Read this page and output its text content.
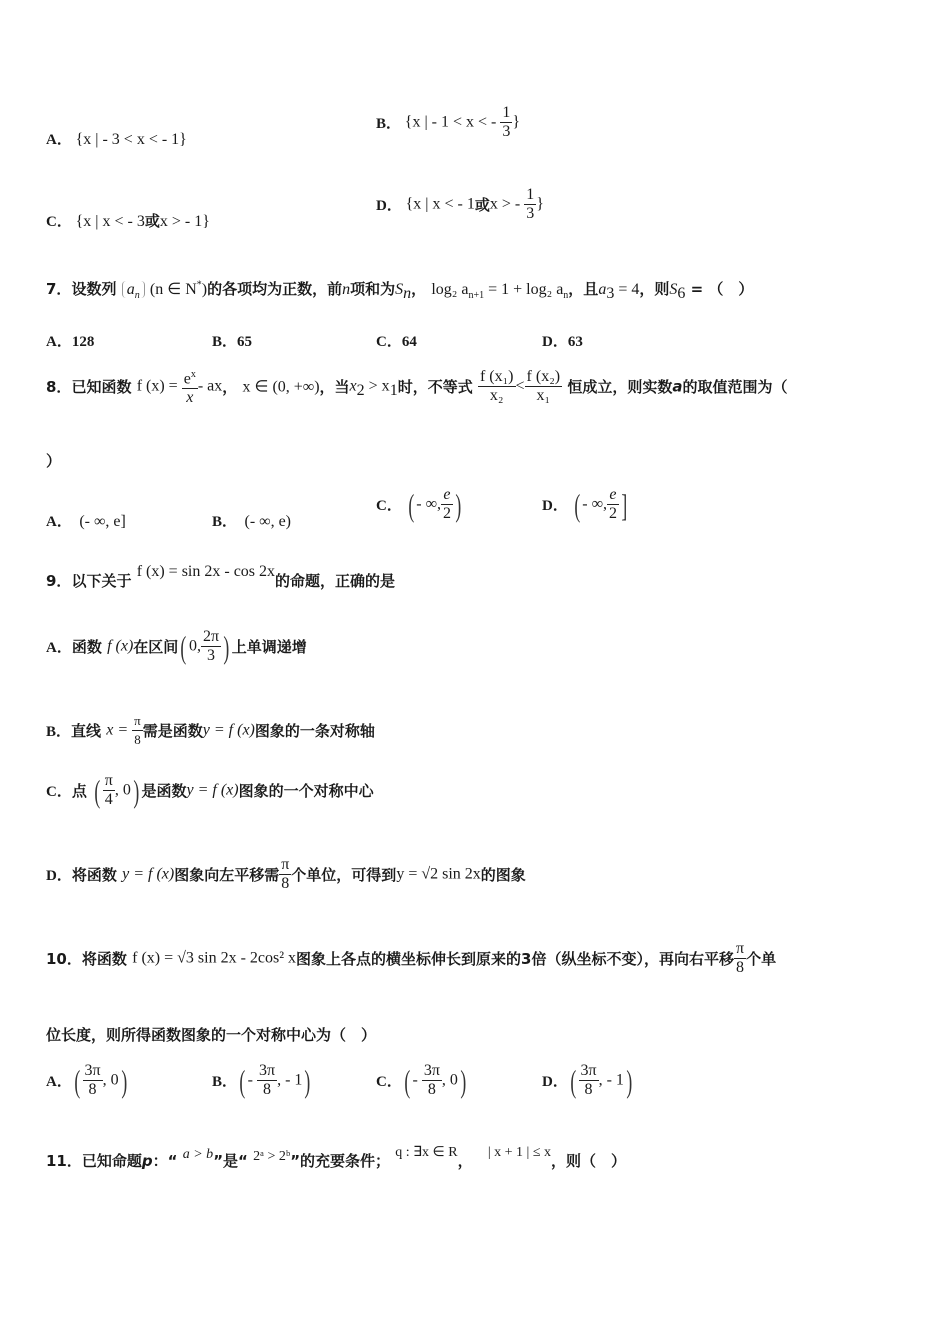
A． {x | - 3 < x < - 1}
B． {x | - 1 < x < - $\frac{1}{3}$ }
C． {x | x < - 3或x > - 1}
D． {x | x < - 1或x > - $\frac{1}{3}$ }
7．设数列 $a_n$ (n ∈ N*)的各项均为正数，前n项和为$S_n$， log₂ $a_{n+1} = 1 + \log_2$ $a_n$，且$a_3 = 4$，则$S_6$ = （　）
A．128	B．65	C．64	D．63
8．已知函数 f $(x) = \frac{e^x}{x}$ - ax， x ∈ (0, +∞)，当$x_2 > x_1$时，不等式 $\frac{\text{f (x₁)}}{\text{x₂}} < \frac{\text{f (x₂)}}{\text{x₁}}$ 恒成立，则实数a的取值范围为（
）
A． (- ∞, e]	B． (- ∞, e)
C． ( - ∞, $\frac{e}{2}$ )	D． ( - ∞, $\frac{e}{2}$ ]
9．以下关于 f (x) = sin 2x - cos 2x的命题，正确的是
A．函数 f (x)在区间( 0, $\frac{2\pi}{3}$ ) 上单调递增
B．直线 $x = \frac{\pi}{8}$ 需是函数y = f (x)图象的一条对称轴
C．点 ( $\frac{\pi}{4}$ , 0) 是函数y = f (x)图象的一个对称中心
D．将函数 y = f (x)图象向左平移需 $\frac{\pi}{8}$ 个单位，可得到y = √2 sin 2x的图象
10．将函数 f (x) = √3 sin 2x - 2cos² x图象上各点的横坐标伸长到原来的3倍（纵坐标不变），再向右平移 $\frac{\pi}{8}$ 个单
位长度，则所得函数图象的一个对称中心为（　）
A．( $\frac{3\pi}{8}$ , 0)	B．( - $\frac{3\pi}{8}$ , - 1)	C．( - $\frac{3\pi}{8}$ , 0)	D．( $\frac{3\pi}{8}$ , - 1)
11．已知命题p：“ a > b”是“ 2ᵃ > 2ᵇ”的充要条件； q : ∃x ∈ R， | x + 1 | ≤ x，则（　）
